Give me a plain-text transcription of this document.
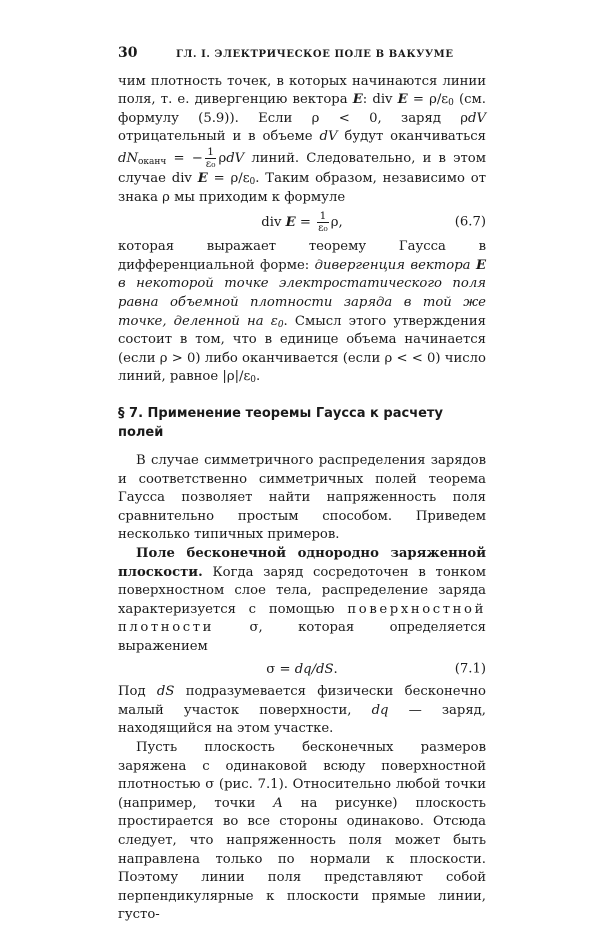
30	ГЛ. I. ЭЛЕКТРИЧЕСКОЕ ПОЛЕ В ВАКУУМЕ

чим плотность точек, в которых начинаются линии поля, т. е. дивергенцию вектора E: div $E = \rho/\varepsilon_0$ (см. формулу (5.9)). Если ρ < 0, заряд ρdV отрицательный и в объеме dV будут оканчиваться $dN_{оканч}$ = − $\frac{1}{\text{ε₀}}$ ρdV линий. Следовательно, и в этом случае div $E = \rho/\varepsilon_0$. Таким образом, независимо от знака ρ мы приходим к формуле

div $E = \frac{1}{\text{ε₀}} \rho$,	(6.7)

которая выражает теорему Гаусса в дифференциальной форме: дивергенция вектора E в некоторой точке электростатического поля равна объемной плотности заряда в той же точке, деленной на $\varepsilon_0$. Смысл этого утверждения состоит в том, что в единице объема начинается (если ρ > 0) либо оканчивается (если ρ < < 0) число линий, равное $|\rho|/\varepsilon_0$.

§ 7. Применение теоремы Гаусса к расчету полей

В случае симметричного распределения зарядов и соответственно симметричных полей теорема Гаусса позволяет найти напряженность поля сравнительно простым способом. Приведем несколько типичных примеров.

Поле бесконечной однородно заряженной плоскости. Когда заряд сосредоточен в тонком поверхностном слое тела, распределение заряда характеризуется с помощью поверхностной плотности σ, которая определяется выражением

σ = dq/dS.	(7.1)

Под dS подразумевается физически бесконечно малый участок поверхности, dq — заряд, находящийся на этом участке.

Пусть плоскость бесконечных размеров заряжена с одинаковой всюду поверхностной плотностью σ (рис. 7.1). Относительно любой точки (например, точки A на рисунке) плоскость простирается во все стороны одинаково. Отсюда следует, что напряженность поля может быть направлена только по нормали к плоскости. Поэтому линии поля представляют собой перпендикулярные к плоскости прямые линии, густо-
